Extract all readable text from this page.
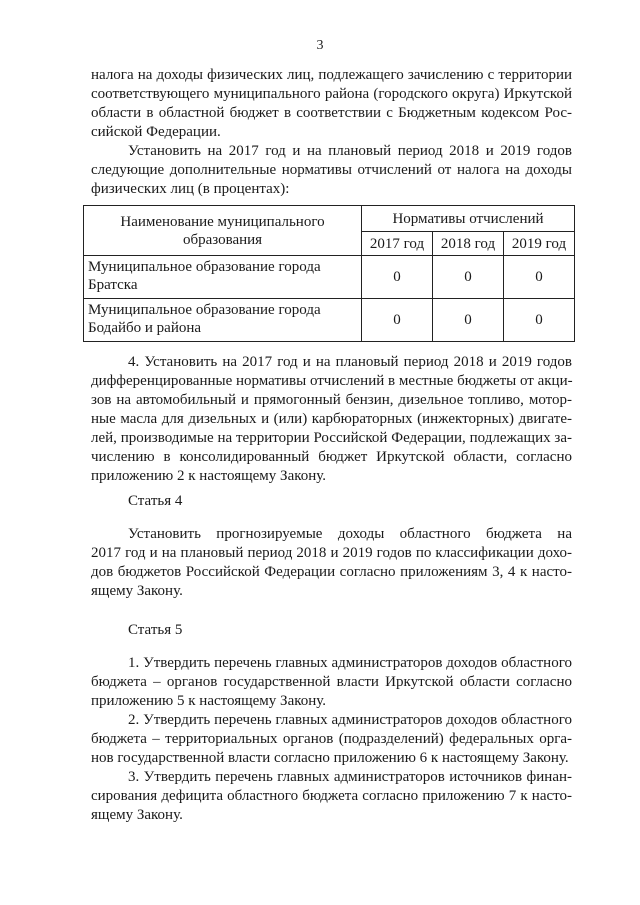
3
налога на доходы физических лиц, подлежащего зачислению с территории
соответствующего муниципального района (городского округа) Иркутской
области в областной бюджет в соответствии с Бюджетным кодексом Рос-
сийской Федерации.
Установить на 2017 год и на плановый период 2018 и 2019 годов
следующие дополнительные нормативы отчислений от налога на доходы
физических лиц (в процентах):
Наименование муниципального образования	Нормативы отчислений		
	2017 год	2018 год	2019 год
Муниципальное образование города Братска	0	0	0
Муниципальное образование города Бодайбо и района	0	0	0
4. Установить на 2017 год и на плановый период 2018 и 2019 годов
дифференцированные нормативы отчислений в местные бюджеты от акци-
зов на автомобильный и прямогонный бензин, дизельное топливо, мотор-
ные масла для дизельных и (или) карбюраторных (инжекторных) двигате-
лей, производимые на территории Российской Федерации, подлежащих за-
числению в консолидированный бюджет Иркутской области, согласно
приложению 2 к настоящему Закону.
Статья 4
Установить прогнозируемые доходы областного бюджета на
2017 год и на плановый период 2018 и 2019 годов по классификации дохо-
дов бюджетов Российской Федерации согласно приложениям 3, 4 к насто-
ящему Закону.
Статья 5
1. Утвердить перечень главных администраторов доходов областного
бюджета – органов государственной власти Иркутской области согласно
приложению 5 к настоящему Закону.
2. Утвердить перечень главных администраторов доходов областного
бюджета – территориальных органов (подразделений) федеральных орга-
нов государственной власти согласно приложению 6 к настоящему Закону.
3. Утвердить перечень главных администраторов источников финан-
сирования дефицита областного бюджета согласно приложению 7 к насто-
ящему Закону.
